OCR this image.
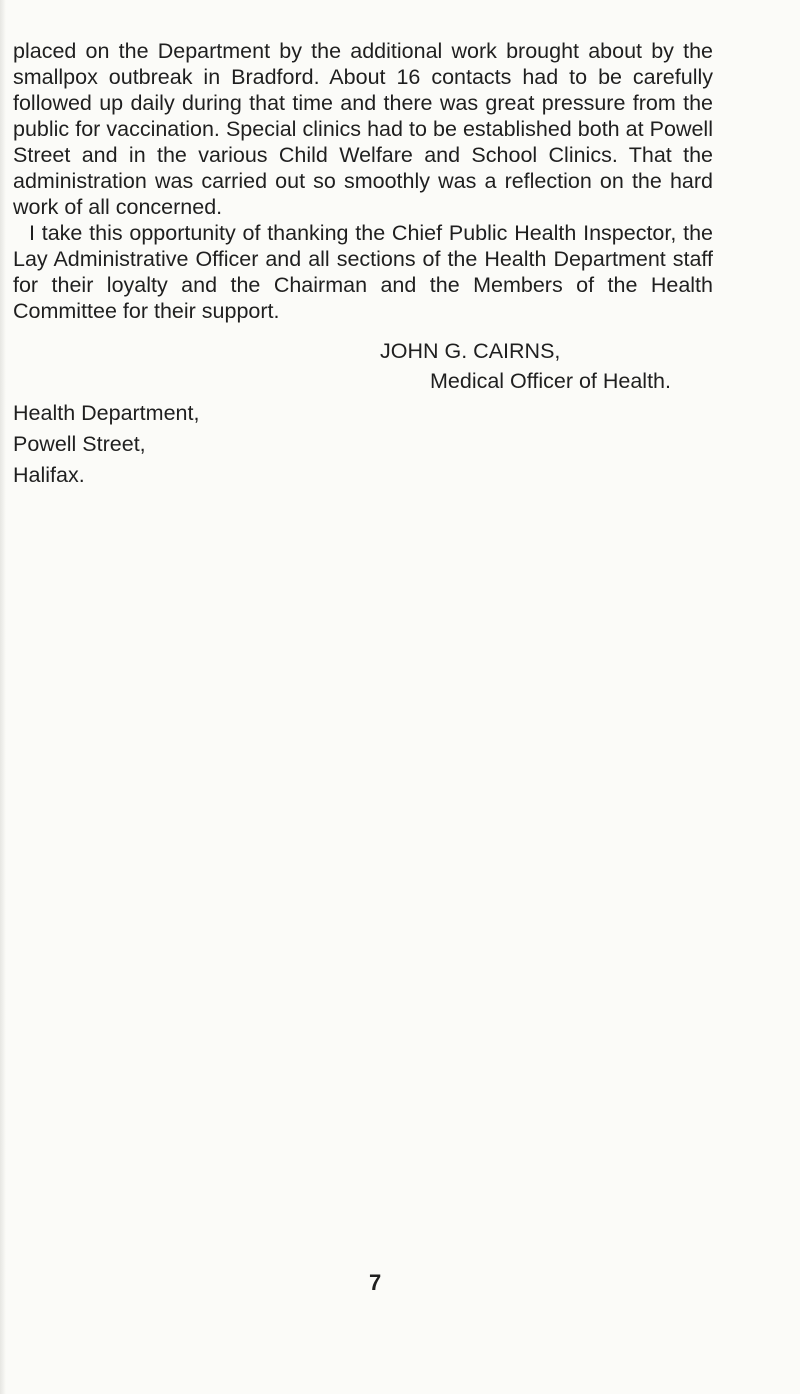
placed on the Department by the additional work brought about by the smallpox outbreak in Bradford. About 16 contacts had to be carefully followed up daily during that time and there was great pressure from the public for vaccination. Special clinics had to be established both at Powell Street and in the various Child Welfare and School Clinics. That the administration was carried out so smoothly was a reflection on the hard work of all concerned.

I take this opportunity of thanking the Chief Public Health Inspector, the Lay Administrative Officer and all sections of the Health Department staff for their loyalty and the Chairman and the Members of the Health Committee for their support.

JOHN G. CAIRNS,
Medical Officer of Health.
Health Department,
Powell Street,
Halifax.
7
